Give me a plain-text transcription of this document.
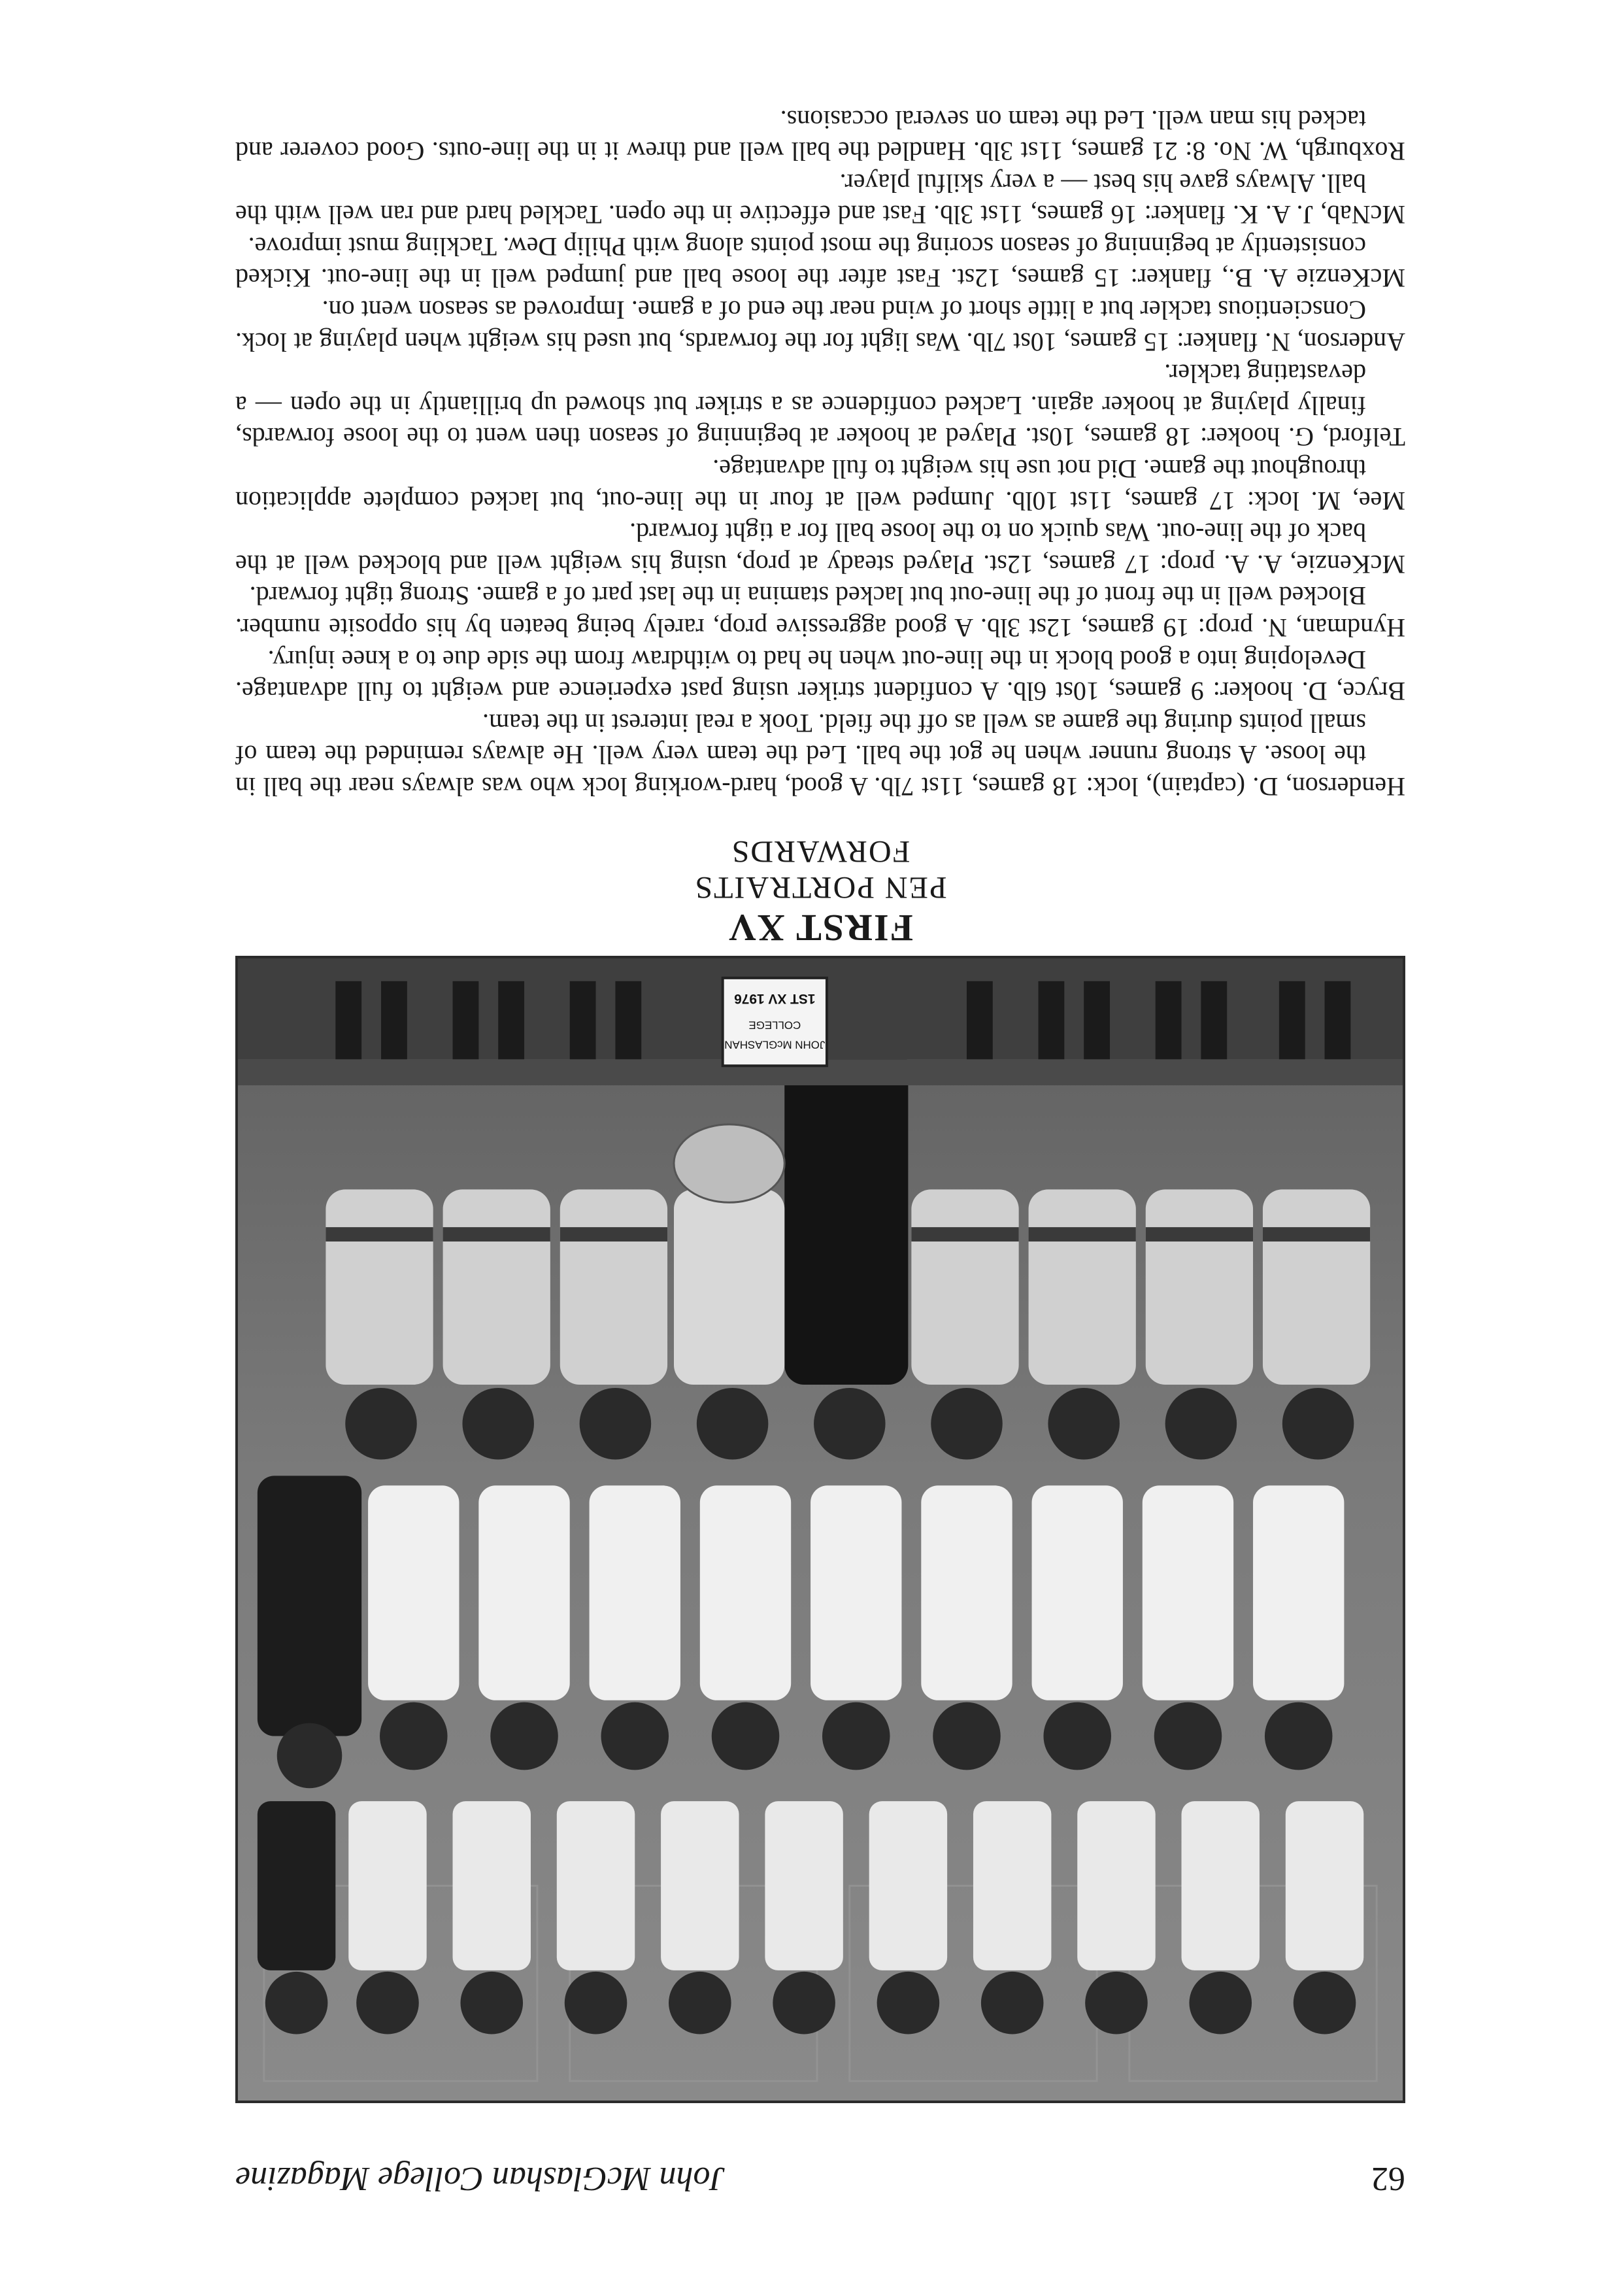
62
John McGlashan College Magazine
JOHN McGLASHAN
COLLEGE
1ST XV 1976
FIRST XV
PEN PORTRAITS
FORWARDS

Henderson, D. (captain), lock: 18 games, 11st 7lb. A good, hard-working lock who was always near the ball in the loose. A strong runner when he got the ball. Led the team very well. He always reminded the team of small points during the game as well as off the field. Took a real interest in the team.

Bryce, D. hooker: 9 games, 10st 6lb. A confident striker using past experience and weight to full advantage. Developing into a good block in the line-out when he had to withdraw from the side due to a knee injury.

Hyndman, N. prop: 19 games, 12st 3lb. A good aggressive prop, rarely being beaten by his opposite number. Blocked well in the front of the line-out but lacked stamina in the last part of a game. Strong tight forward.

McKenzie, A. A. prop: 17 games, 12st. Played steady at prop, using his weight well and blocked well at the back of the line-out. Was quick on to the loose ball for a tight forward.

Mee, M. lock: 17 games, 11st 10lb. Jumped well at four in the line-out, but lacked complete application throughout the game. Did not use his weight to full advantage.

Telford, G. hooker: 18 games, 10st. Played at hooker at beginning of season then went to the loose forwards, finally playing at hooker again. Lacked confidence as a striker but showed up brilliantly in the open — a devastating tackler.

Anderson, N. flanker: 15 games, 10st 7lb. Was light for the forwards, but used his weight when playing at lock. Conscientious tackler but a little short of wind near the end of a game. Improved as season went on.

McKenzie A. B., flanker: 15 games, 12st. Fast after the loose ball and jumped well in the line-out. Kicked consistently at beginning of season scoring the most points along with Philip Dew. Tackling must improve.

McNab, J. A. K. flanker: 16 games, 11st 3lb. Fast and effective in the open. Tackled hard and ran well with the ball. Always gave his best — a very skilful player.

Roxburgh, W. No. 8: 21 games, 11st 3lb. Handled the ball well and threw it in the line-outs. Good coverer and tacked his man well. Led the team on several occasions.
